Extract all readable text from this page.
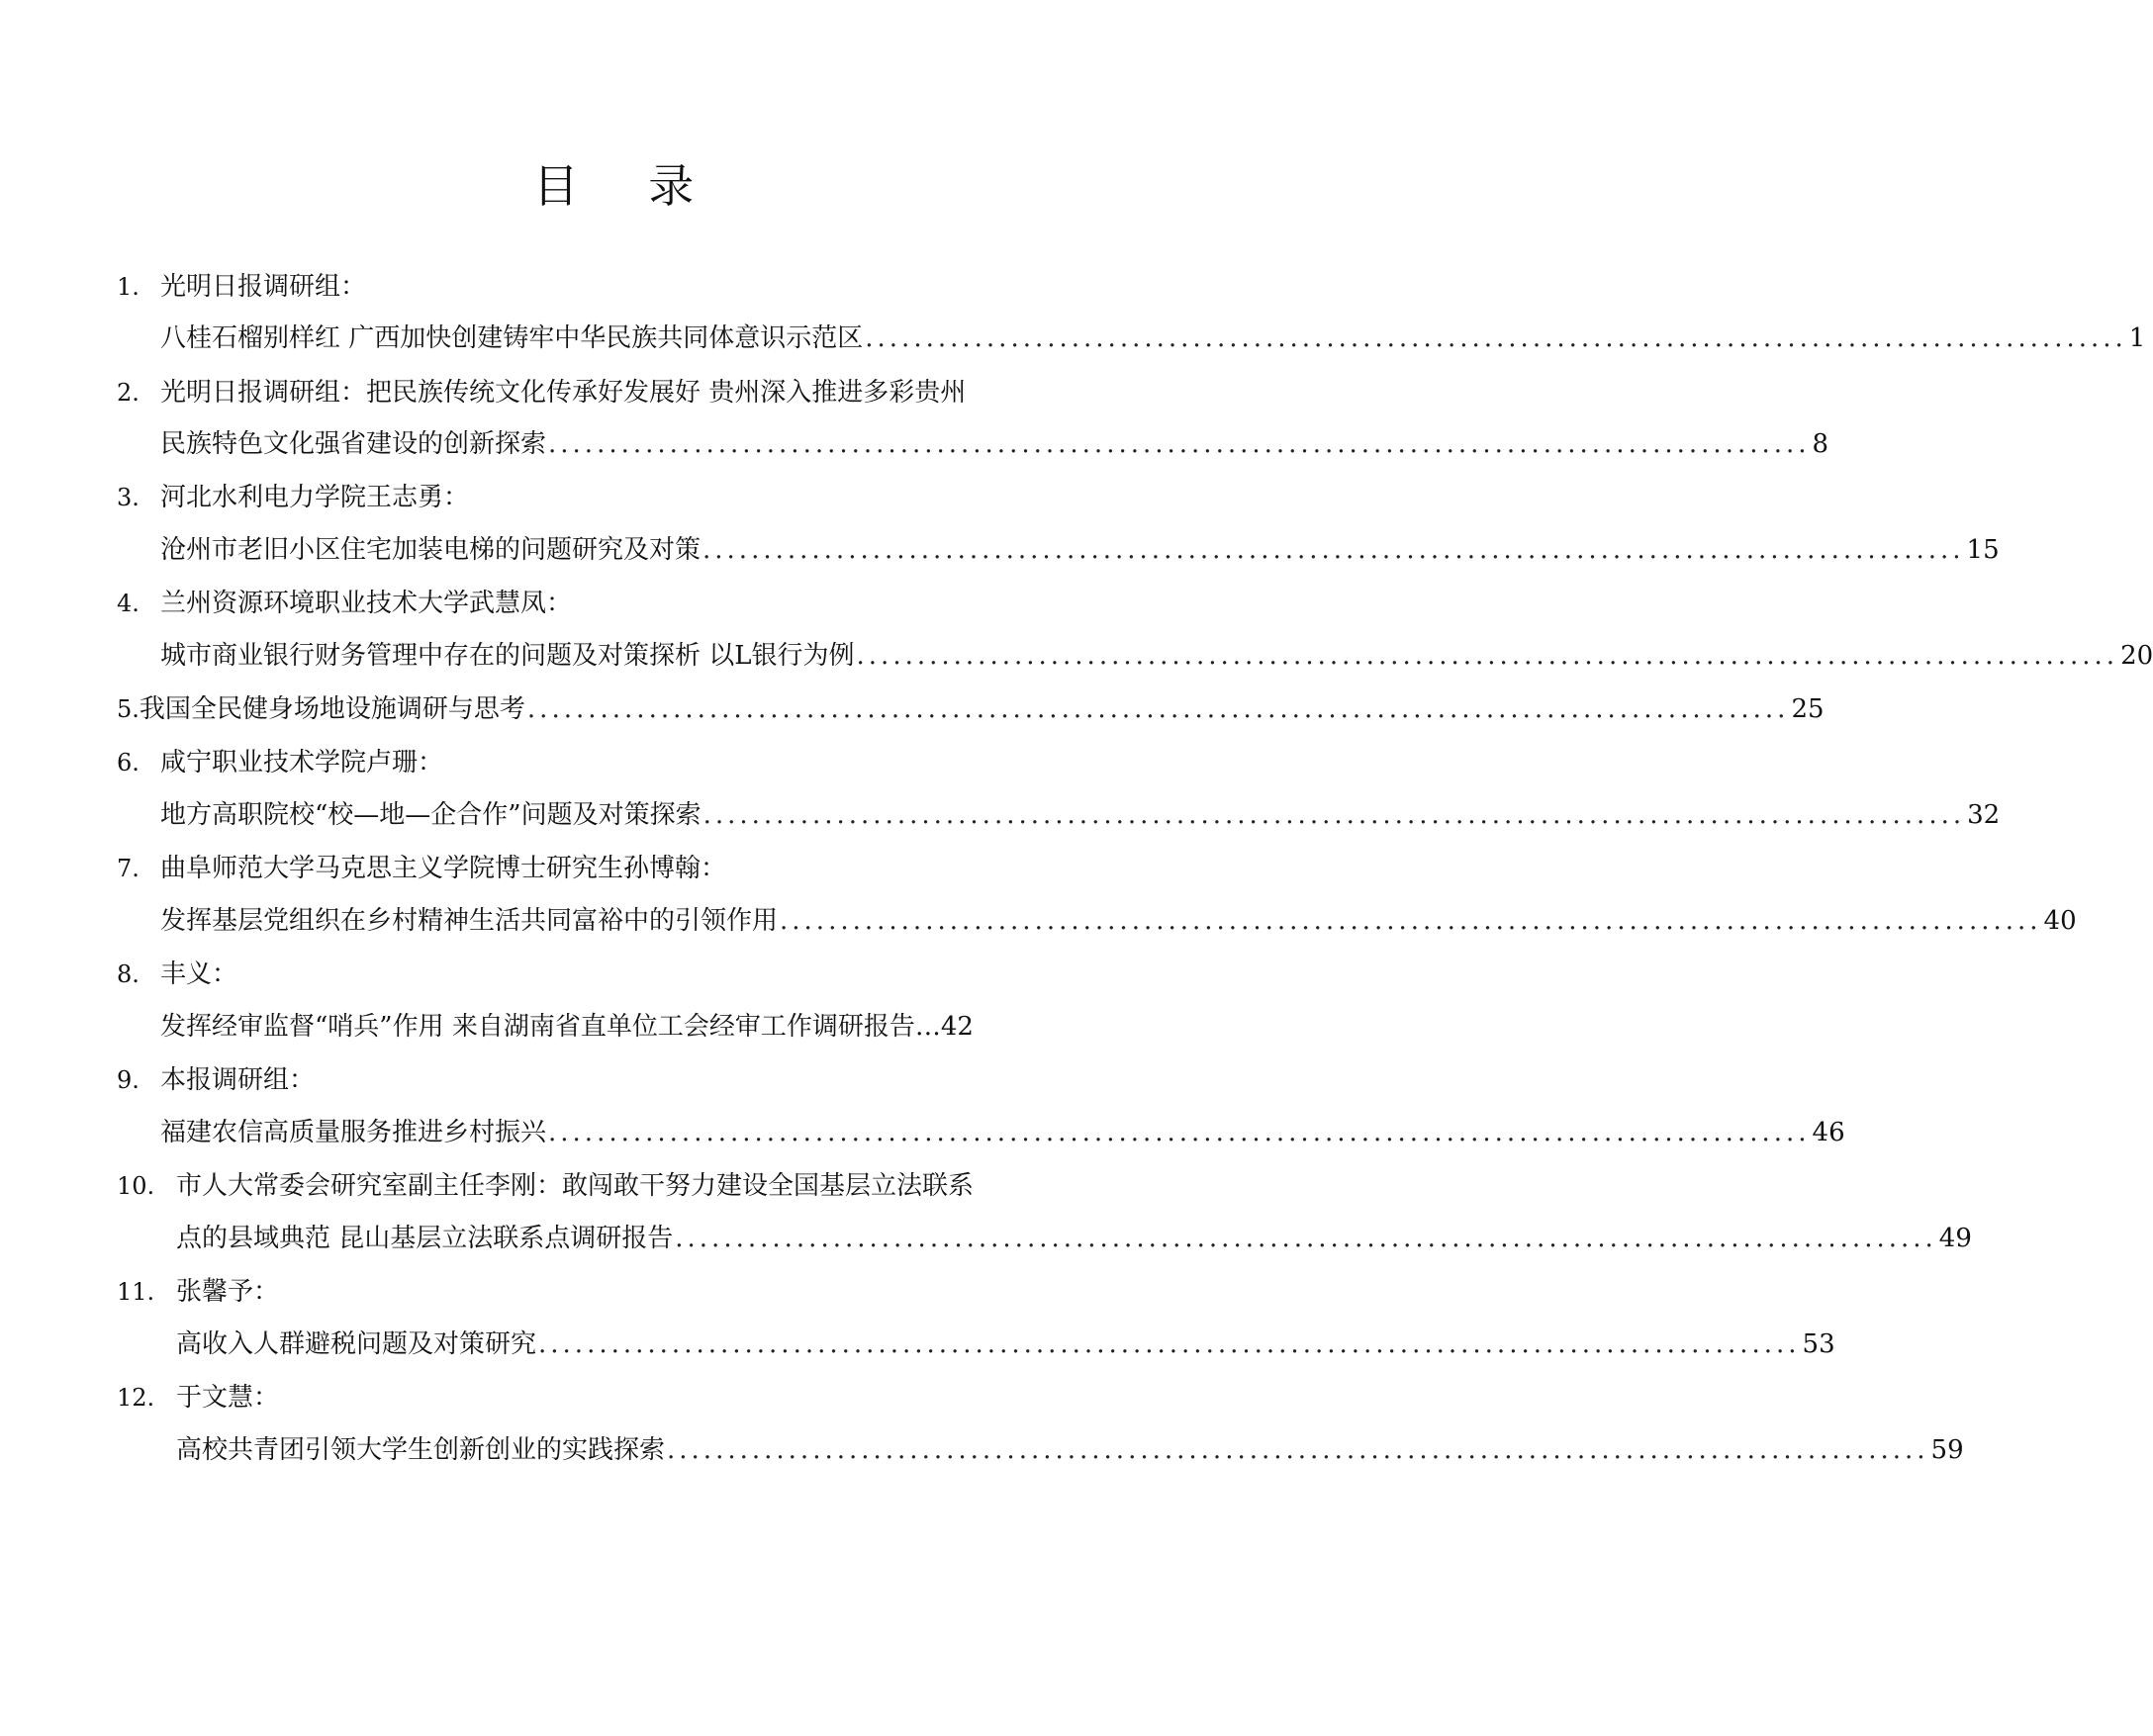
目 录
1. 光明日报调研组：
八桂石榴别样红 广西加快创建铸牢中华民族共同体意识示范区 ........................................................................................................ 1
2. 光明日报调研组：把民族传统文化传承好发展好 贵州深入推进多彩贵州
民族特色文化强省建设的创新探索 ........................................................................................................ 8
3. 河北水利电力学院王志勇：
沧州市老旧小区住宅加装电梯的问题研究及对策 ........................................................................................................ 15
4. 兰州资源环境职业技术大学武慧凤：
城市商业银行财务管理中存在的问题及对策探析 以L银行为例 ........................................................................................................ 20
5. 我国全民健身场地设施调研与思考 ........................................................................................................ 25
6. 咸宁职业技术学院卢珊：
地方高职院校“校—地—企合作”问题及对策探索 ........................................................................................................ 32
7. 曲阜师范大学马克思主义学院博士研究生孙博翰：
发挥基层党组织在乡村精神生活共同富裕中的引领作用 ........................................................................................................ 40
8. 丰义：
发挥经审监督“哨兵”作用 来自湖南省直单位工会经审工作调研报告… 42
9. 本报调研组：
福建农信高质量服务推进乡村振兴 ........................................................................................................ 46
10. 市人大常委会研究室副主任李刚：敢闯敢干努力建设全国基层立法联系
点的县域典范 昆山基层立法联系点调研报告 ........................................................................................................ 49
11. 张馨予：
高收入人群避税问题及对策研究 ........................................................................................................ 53
12. 于文慧：
高校共青团引领大学生创新创业的实践探索 ........................................................................................................ 59
